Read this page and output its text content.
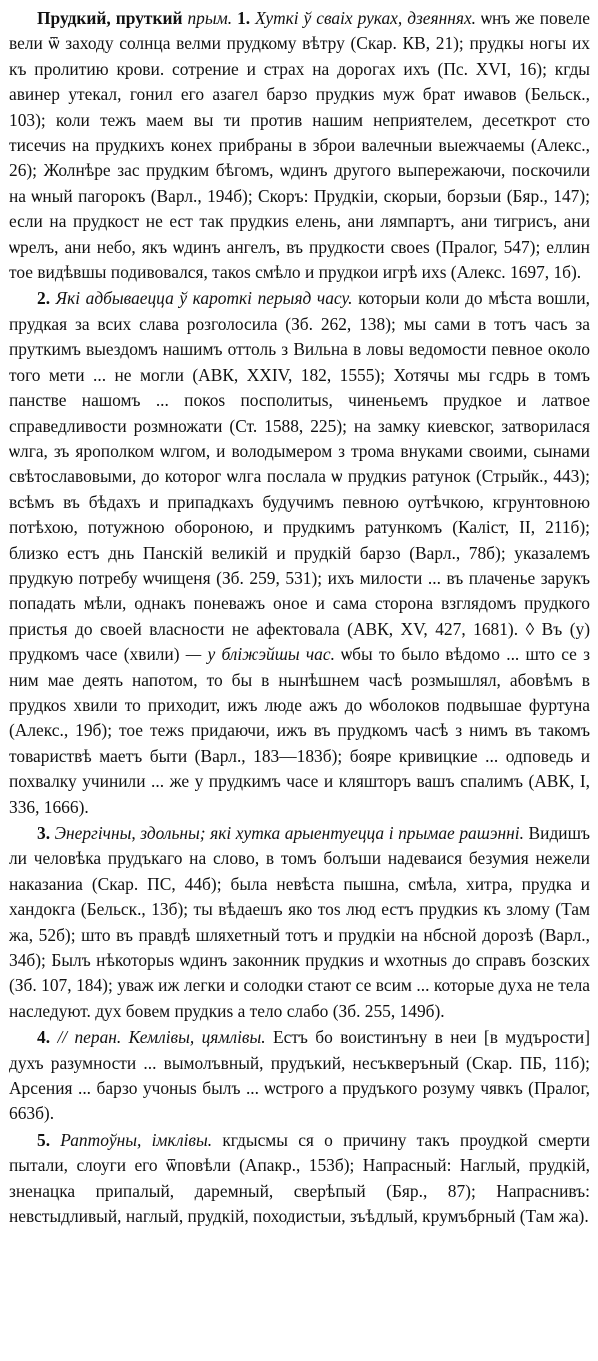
Прудкий, пруткий прым. 1. Хуткі ў сваіх руках, дзеяннях. ѡнъ же повелe вели ѿ заходу солнца велми прудкому вѣтру (Скар. КВ, 21); прудкы ногы их къ пролитию крови. сотрение и страх на дорогах ихъ (Пс. XVI, 16); кгды авинер утекал, гонил его азагел барзо прудкиs муж брат иѡавов (Бельск., 103); коли тежъ маем вы ти против нашим неприятелем, десеткрот сто тисечиs на прудкихъ конех прибраны в зброи валечныи выежчаемы (Алекс., 26); Жолнѣре зас прудким бѣгомъ, ѡдинъ другого выпережаючи, поскочили на ѡный пагорокъ (Варл., 194б); Скоръ: Прудкiи, скорыи, борзыи (Бяр., 147); если на прудкост не ест так прудкиs елень, ани лямпартъ, ани тигрисъ, ани ѡрелъ, ани небо, якъ ѡдинъ ангелъ, въ прудкости своеs (Пралог, 547); еллин тое видѣвшы подивовался, такоs смѣло и прудкои игрѣ ихs (Алекс. 1697, 1б).

2. Які адбываецца ў кароткі перыяд часу. которыи коли до мѣста вошли, прудкая за всих слава розголосила (Зб. 262, 138); мы сами в тотъ часъ за пруткимъ выездомъ нашимъ оттоль з Вильна в ловы ведомости певное около того мети ... не могли (АВК, XXIV, 182, 1555); Хотячы мы гсдрь в томъ панстве нашомъ ... покоs посполитыs, чиненьемъ прудкое и латвое справедливости розмножати (Ст. 1588, 225); на замку киевског, затворилася ѡлга, зъ ярополком ѡлгом, и володымером з трома внуками своими, сынами свѣтославовыми, до которог ѡлга послала ѡ прудкиs ратунок (Стрыйк., 443); всѣмъ въ бѣдахъ и припадкахъ будучимъ певною оутѣчкою, кгрунтовною потѣхою, потужною обороною, и прудкимъ ратункомъ (Каліст, II, 211б); близко естъ днь Панскій великій и прудкій барзо (Варл., 78б); указалемъ прудкую потребу ѡчищеня (Зб. 259, 531); ихъ милости ... въ плаченье зарукъ попадать мѣли, однакъ поневажъ оное и сама сторона взглядомъ прудкого пристья до своей власности не афектовала (АВК, XV, 427, 1681). ◊ Въ (у) прудкомъ часе (хвили) — у бліжэйшы час. ѡбы то было вѣдомо ... што се з ним мае деять напотом, то бы в нынѣшнем часѣ розмышлял, абовѣмъ в прудкоs хвили то приходит, ижъ люде ажъ до ѡболоков подвышае фуртуна (Алекс., 19б); тое тежs придаючи, ижъ въ прудкомъ часѣ з нимъ въ такомъ товариствѣ маетъ быти (Варл., 183—183б); бояре кривицкие ... одповедь и похвалку учинили ... же у прудкимъ часе и кляшторъ вашъ спалимъ (АВК, I, 336, 1666).

3. Энергічны, здольны; які хутка арыентуецца і прымае рашэнні. Видишъ ли человѣка прудъкаго на слово, в томъ болъши надеваися безумия нежели наказаниа (Скар. ПС, 44б); была невѣста пышна, смѣла, хитра, прудка и хандокга (Бельск., 13б); ты вѣдаешъ яко тоs люд естъ прудкиs къ злому (Там жа, 52б); што въ правдѣ шляхетный тотъ и прудкiи на нбсной дорозѣ (Варл., 34б); Былъ нѣкоторыs ѡдинъ законник прудкиs и ѡхотныs до справъ бозских (Зб. 107, 184); уваж иж легки и солодки стают се всим ... которые духа не тела наследуют. дух бовем прудкиs а тело слабо (Зб. 255, 149б).

4. // перан. Кемлівы, цямлівы. Естъ бо воистинъну в неи [в мудърости] духъ разумности ... вымолъвный, прудъкий, несъкверъный (Скар. ПБ, 11б); Арсения ... барзо учоныs былъ ... ѡстрого а прудъкого розуму чявкъ (Пралог, 663б).

5. Раптоўны, імклівы. кгдысмы ся о причину такъ проудкой смерти пытали, слоуги его ѿповѣли (Апакр., 153б); Напрасный: Наглый, прудкій, зненацка припалый, даремный, сверѣпый (Бяр., 87); Напраснивъ: невстыдливый, наглый, прудкій, походистыи, зъѣдлый, крумъбрный (Там жа).
